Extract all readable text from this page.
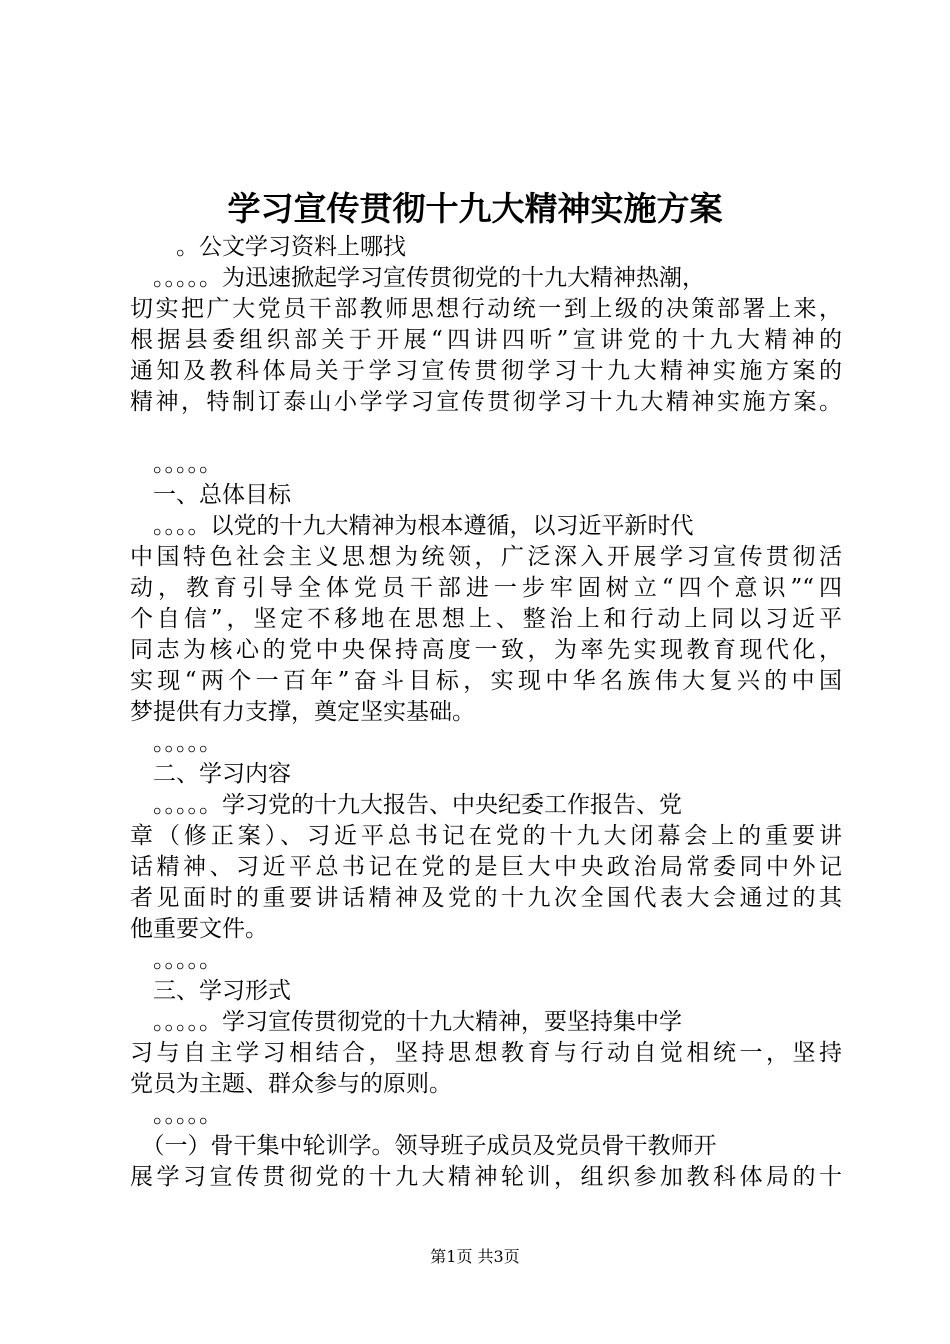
学习宣传贯彻十九大精神实施方案
。公文学习资料上哪找
　。。。。。为迅速掀起学习宣传贯彻党的十九大精神热潮，
切实把广大党员干部教师思想行动统一到上级的决策部署上来，
根据县委组织部关于开展“四讲四听”宣讲党的十九大精神的
通知及教科体局关于学习宣传贯彻学习十九大精神实施方案的
精神，特制订泰山小学学习宣传贯彻学习十九大精神实施方案。
　。。。。。
　一、总体目标
　。。。。以党的十九大精神为根本遵循，以习近平新时代
中国特色社会主义思想为统领，广泛深入开展学习宣传贯彻活
动，教育引导全体党员干部进一步牢固树立“四个意识”“四
个自信”，坚定不移地在思想上、整治上和行动上同以习近平
同志为核心的党中央保持高度一致，为率先实现教育现代化，
实现“两个一百年”奋斗目标，实现中华名族伟大复兴的中国
梦提供有力支撑，奠定坚实基础。
　。。。。。
　二、学习内容
　。。。。。学习党的十九大报告、中央纪委工作报告、党
章（修正案）、习近平总书记在党的十九大闭幕会上的重要讲
话精神、习近平总书记在党的是巨大中央政治局常委同中外记
者见面时的重要讲话精神及党的十九次全国代表大会通过的其
他重要文件。
　。。。。。
　三、学习形式
　。。。。。学习宣传贯彻党的十九大精神，要坚持集中学
习与自主学习相结合，坚持思想教育与行动自觉相统一，坚持
党员为主题、群众参与的原则。
　。。。。。
　（一）骨干集中轮训学。领导班子成员及党员骨干教师开
展学习宣传贯彻党的十九大精神轮训，组织参加教科体局的十
第1页 共3页
